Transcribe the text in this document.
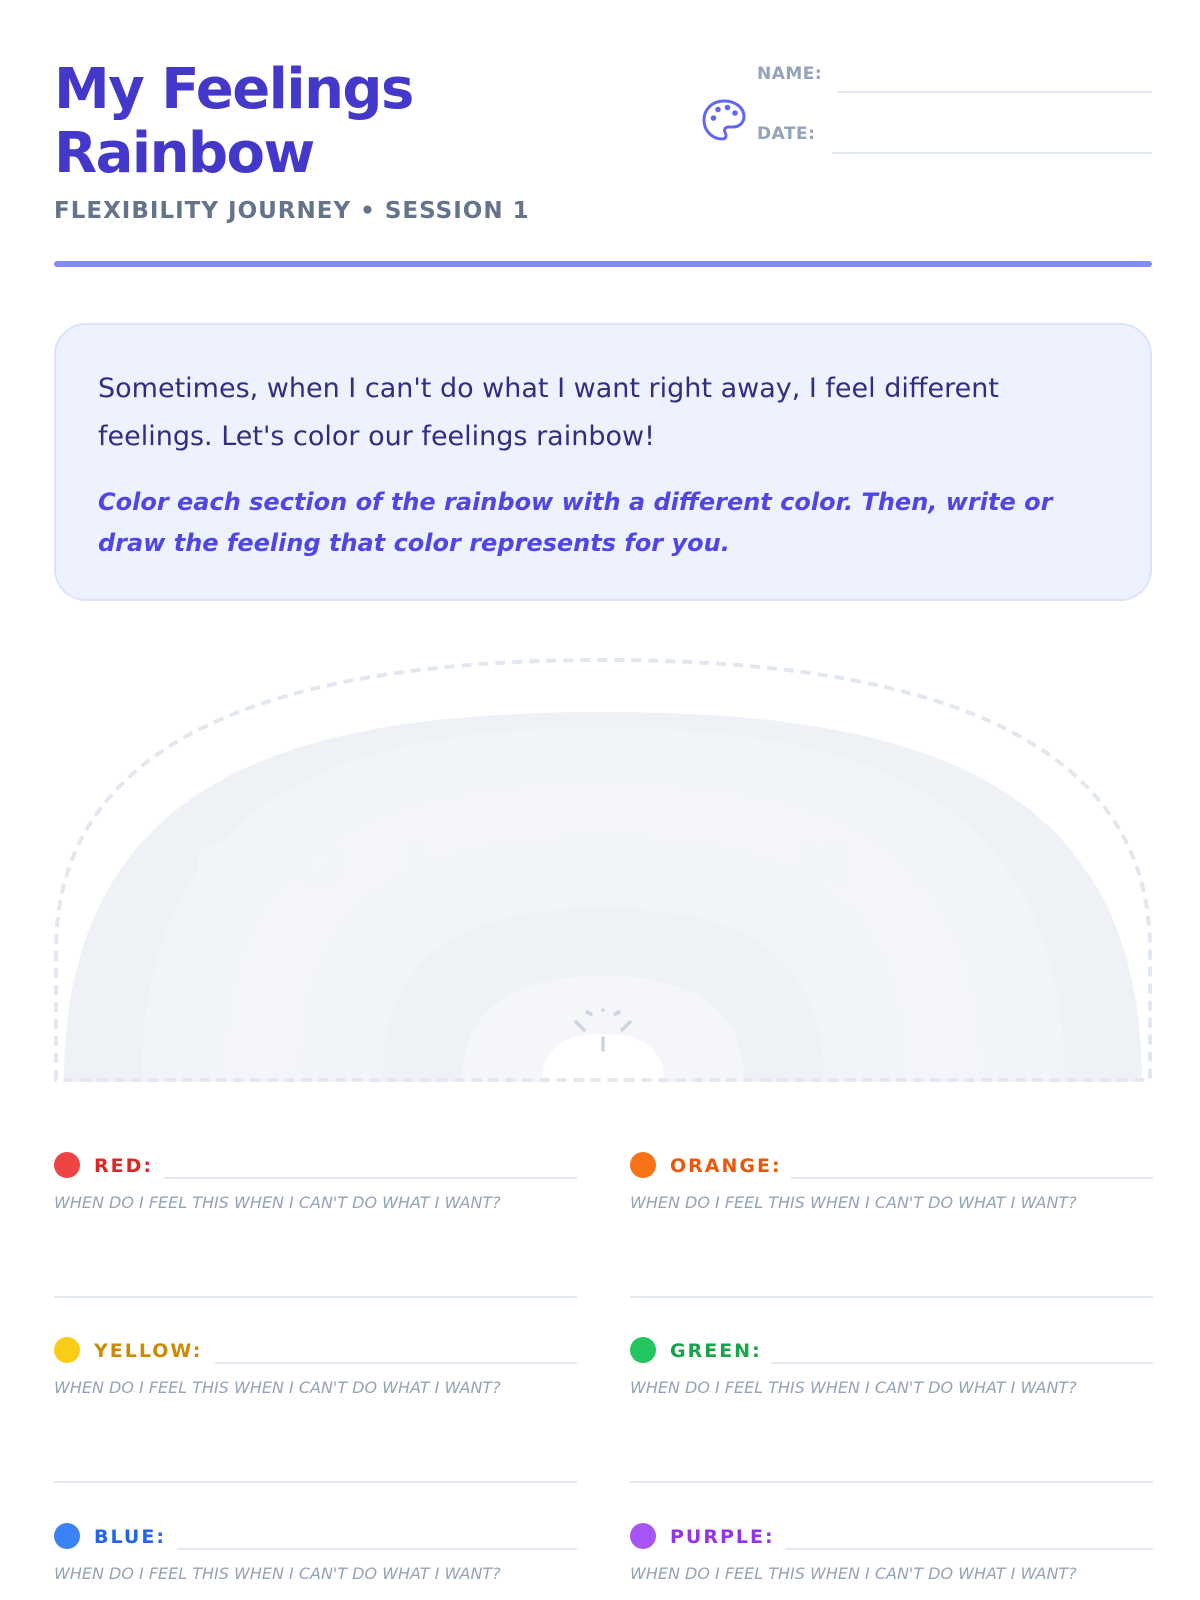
My Feelings
Rainbow
FLEXIBILITY JOURNEY • SESSION 1
NAME:
DATE:
Sometimes, when I can't do what I want right away, I feel different feelings. Let's color our feelings rainbow!
Color each section of the rainbow with a different color. Then, write or draw the feeling that color represents for you.
COLOR ME
RED:
WHEN DO I FEEL THIS WHEN I CAN'T DO WHAT I WANT?
ORANGE:
WHEN DO I FEEL THIS WHEN I CAN'T DO WHAT I WANT?
YELLOW:
WHEN DO I FEEL THIS WHEN I CAN'T DO WHAT I WANT?
GREEN:
WHEN DO I FEEL THIS WHEN I CAN'T DO WHAT I WANT?
BLUE:
WHEN DO I FEEL THIS WHEN I CAN'T DO WHAT I WANT?
PURPLE:
WHEN DO I FEEL THIS WHEN I CAN'T DO WHAT I WANT?
